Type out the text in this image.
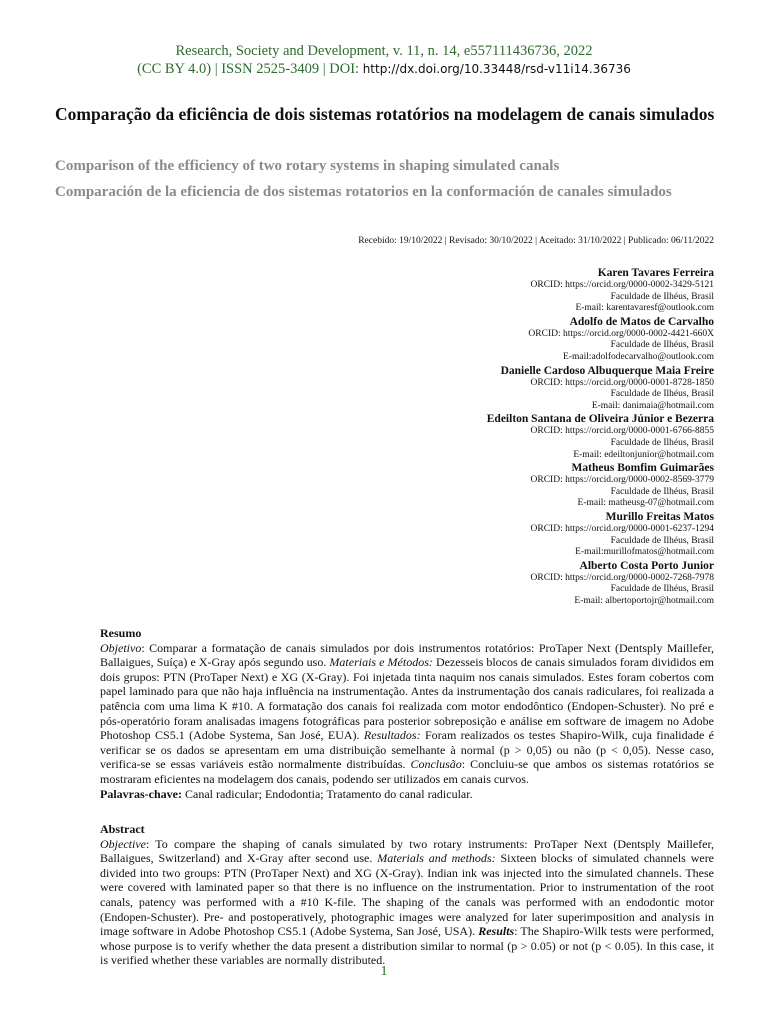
Research, Society and Development, v. 11, n. 14, e557111436736, 2022
(CC BY 4.0) | ISSN 2525-3409 | DOI: http://dx.doi.org/10.33448/rsd-v11i14.36736
Comparação da eficiência de dois sistemas rotatórios na modelagem de canais simulados
Comparison of the efficiency of two rotary systems in shaping simulated canals
Comparación de la eficiencia de dos sistemas rotatorios en la conformación de canales simulados
Recebido: 19/10/2022 | Revisado: 30/10/2022 | Aceitado: 31/10/2022 | Publicado: 06/11/2022
Karen Tavares Ferreira
ORCID: https://orcid.org/0000-0002-3429-5121
Faculdade de Ilhéus, Brasil
E-mail: karentavaresf@outlook.com
Adolfo de Matos de Carvalho
ORCID: https://orcid.org/0000-0002-4421-660X
Faculdade de Ilhéus, Brasil
E-mail:adolfodecarvalho@outlook.com
Danielle Cardoso Albuquerque Maia Freire
ORCID: https://orcid.org/0000-0001-8728-1850
Faculdade de Ilhéus, Brasil
E-mail: danimaia@hotmail.com
Edeilton Santana de Oliveira Júnior e Bezerra
ORCID: https://orcid.org/0000-0001-6766-8855
Faculdade de Ilhéus, Brasil
E-mail: edeiltonjunior@hotmail.com
Matheus Bomfim Guimarães
ORCID: https://orcid.org/0000-0002-8569-3779
Faculdade de Ilhéus, Brasil
E-mail: matheusg-07@hotmail.com
Murillo Freitas Matos
ORCID: https://orcid.org/0000-0001-6237-1294
Faculdade de Ilhéus, Brasil
E-mail:murillofmatos@hotmail.com
Alberto Costa Porto Junior
ORCID: https://orcid.org/0000-0002-7268-7978
Faculdade de Ilhéus, Brasil
E-mail: albertoportojr@hotmail.com
Resumo

Objetivo: Comparar a formatação de canais simulados por dois instrumentos rotatórios: ProTaper Next (Dentsply Maillefer, Ballaigues, Suíça) e X-Gray após segundo uso. Materiais e Métodos: Dezesseis blocos de canais simulados foram divididos em dois grupos: PTN (ProTaper Next) e XG (X-Gray). Foi injetada tinta naquim nos canais simulados. Estes foram cobertos com papel laminado para que não haja influência na instrumentação. Antes da instrumentação dos canais radiculares, foi realizada a patência com uma lima K #10. A formatação dos canais foi realizada com motor endodôntico (Endopen-Schuster). No pré e pós-operatório foram analisadas imagens fotográficas para posterior sobreposição e análise em software de imagem no Adobe Photoshop CS5.1 (Adobe Systema, San José, EUA). Resultados: Foram realizados os testes Shapiro-Wilk, cuja finalidade é verificar se os dados se apresentam em uma distribuição semelhante à normal (p > 0,05) ou não (p < 0,05). Nesse caso, verifica-se se essas variáveis estão normalmente distribuídas. Conclusão: Concluiu-se que ambos os sistemas rotatórios se mostraram eficientes na modelagem dos canais, podendo ser utilizados em canais curvos.

Palavras-chave: Canal radicular; Endodontia; Tratamento do canal radicular.

Abstract

Objective: To compare the shaping of canals simulated by two rotary instruments: ProTaper Next (Dentsply Maillefer, Ballaigues, Switzerland) and X-Gray after second use. Materials and methods: Sixteen blocks of simulated channels were divided into two groups: PTN (ProTaper Next) and XG (X-Gray). Indian ink was injected into the simulated channels. These were covered with laminated paper so that there is no influence on the instrumentation. Prior to instrumentation of the root canals, patency was performed with a #10 K-file. The shaping of the canals was performed with an endodontic motor (Endopen-Schuster). Pre- and postoperatively, photographic images were analyzed for later superimposition and analysis in image software in Adobe Photoshop CS5.1 (Adobe Systema, San José, USA). Results: The Shapiro-Wilk tests were performed, whose purpose is to verify whether the data present a distribution similar to normal (p > 0.05) or not (p < 0.05). In this case, it is verified whether these variables are normally distributed.

1
